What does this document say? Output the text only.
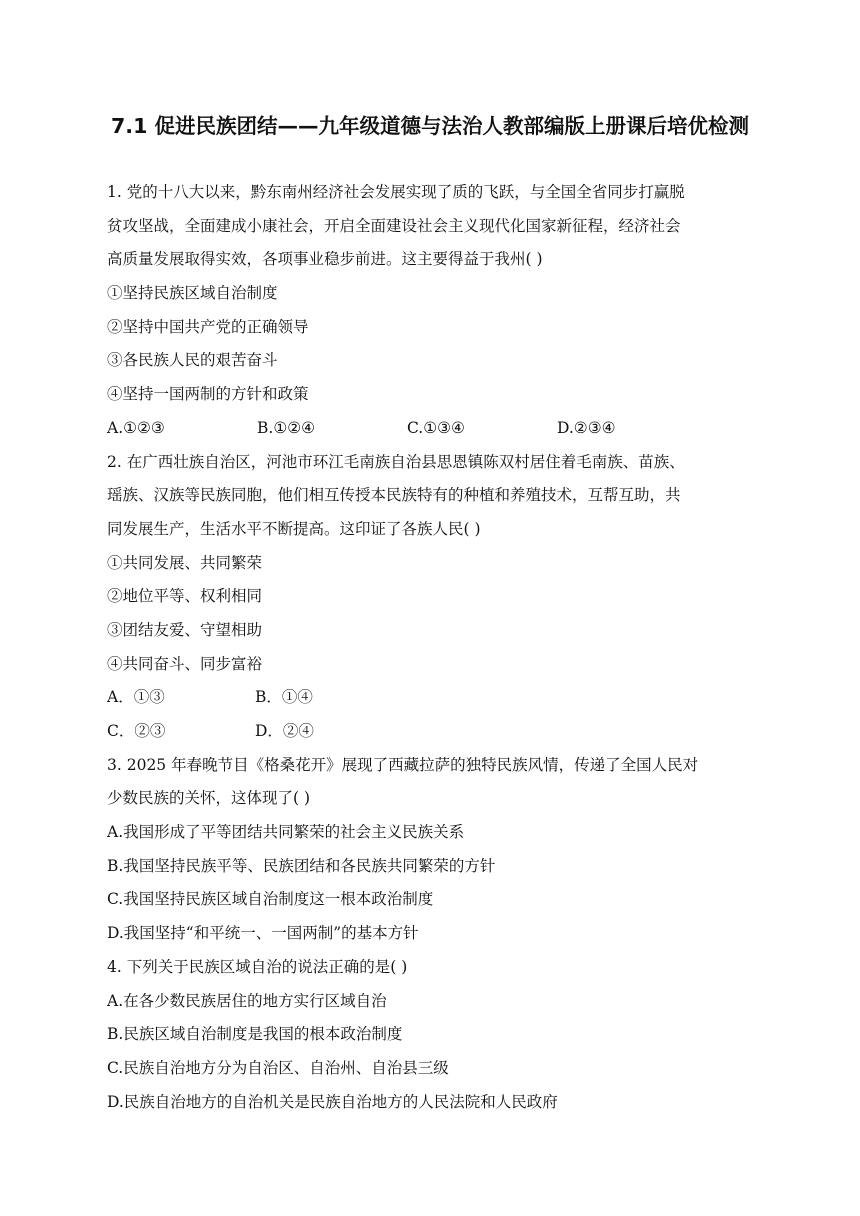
7.1 促进民族团结——九年级道德与法治人教部编版上册课后培优检测
1. 党的十八大以来，黔东南州经济社会发展实现了质的飞跃，与全国全省同步打赢脱
贫攻坚战，全面建成小康社会，开启全面建设社会主义现代化国家新征程，经济社会
高质量发展取得实效，各项事业稳步前进。这主要得益于我州( )
①坚持民族区域自治制度
②坚持中国共产党的正确领导
③各民族人民的艰苦奋斗
④坚持一国两制的方针和政策
A.①②③	B.①②④	C.①③④	D.②③④
2. 在广西壮族自治区，河池市环江毛南族自治县思恩镇陈双村居住着毛南族、苗族、
瑶族、汉族等民族同胞，他们相互传授本民族特有的种植和养殖技术，互帮互助，共
同发展生产，生活水平不断提高。这印证了各族人民( )
①共同发展、共同繁荣
②地位平等、权利相同
③团结友爱、守望相助
④共同奋斗、同步富裕
A．①③	B．①④
C．②③	D．②④
3. 2025 年春晚节目《格桑花开》展现了西藏拉萨的独特民族风情，传递了全国人民对
少数民族的关怀，这体现了( )
A.我国形成了平等团结共同繁荣的社会主义民族关系
B.我国坚持民族平等、民族团结和各民族共同繁荣的方针
C.我国坚持民族区域自治制度这一根本政治制度
D.我国坚持“和平统一、一国两制”的基本方针
4. 下列关于民族区域自治的说法正确的是( )
A.在各少数民族居住的地方实行区域自治
B.民族区域自治制度是我国的根本政治制度
C.民族自治地方分为自治区、自治州、自治县三级
D.民族自治地方的自治机关是民族自治地方的人民法院和人民政府
